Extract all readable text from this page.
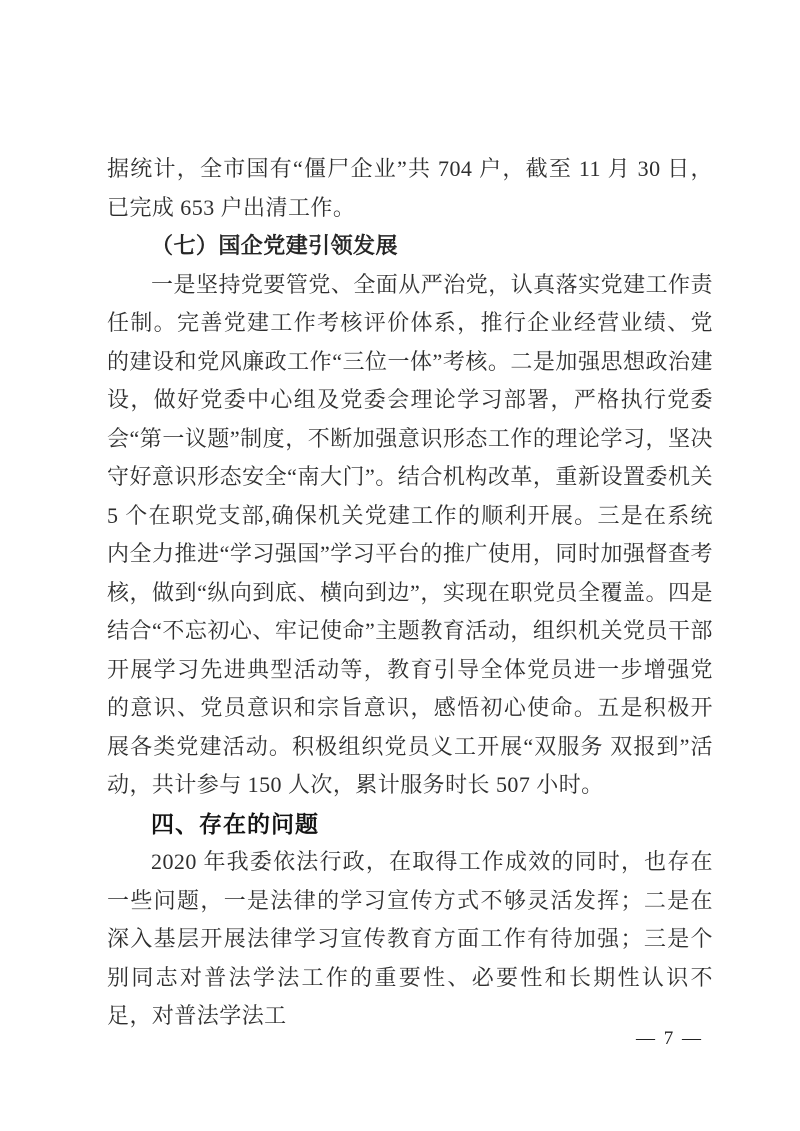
据统计，全市国有“僵尸企业”共 704 户，截至 11 月 30 日，已完成 653 户出清工作。

（七）国企党建引领发展

一是坚持党要管党、全面从严治党，认真落实党建工作责任制。完善党建工作考核评价体系，推行企业经营业绩、党的建设和党风廉政工作“三位一体”考核。二是加强思想政治建设，做好党委中心组及党委会理论学习部署，严格执行党委会“第一议题”制度，不断加强意识形态工作的理论学习，坚决守好意识形态安全“南大门”。结合机构改革，重新设置委机关 5 个在职党支部,确保机关党建工作的顺利开展。三是在系统内全力推进“学习强国”学习平台的推广使用，同时加强督查考核，做到“纵向到底、横向到边”，实现在职党员全覆盖。四是结合“不忘初心、牢记使命”主题教育活动，组织机关党员干部开展学习先进典型活动等，教育引导全体党员进一步增强党的意识、党员意识和宗旨意识，感悟初心使命。五是积极开展各类党建活动。积极组织党员义工开展“双服务 双报到”活动，共计参与 150 人次，累计服务时长 507 小时。

四、存在的问题

2020 年我委依法行政，在取得工作成效的同时，也存在一些问题，一是法律的学习宣传方式不够灵活发挥；二是在深入基层开展法律学习宣传教育方面工作有待加强；三是个别同志对普法学法工作的重要性、必要性和长期性认识不足，对普法学法工

— 7 —
